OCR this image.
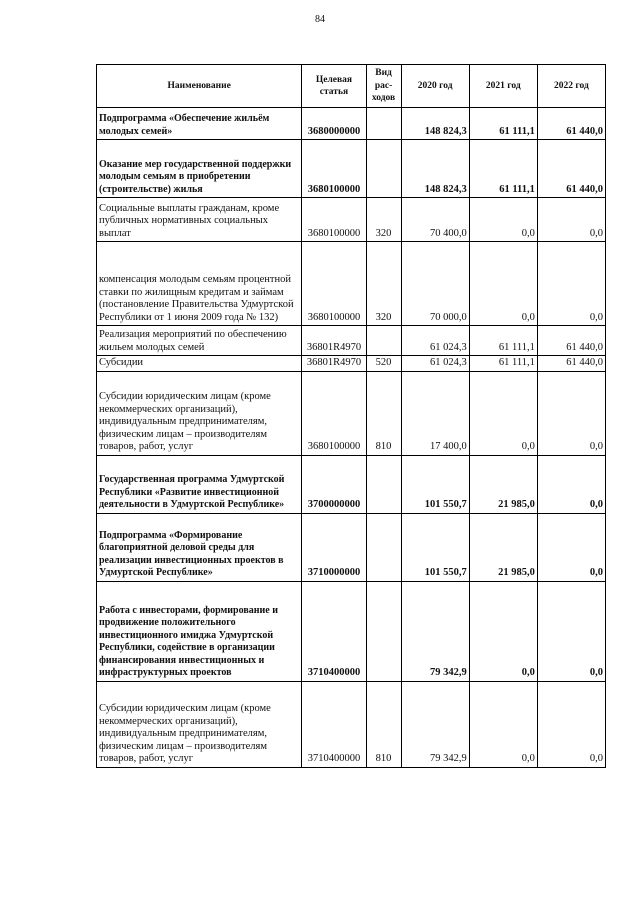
84
Наименование	Целевая статья	Вид рас-ходов	2020 год	2021 год	2022 год
Подпрограмма «Обеспечение жильём молодых семей»	3680000000		148 824,3	61 111,1	61 440,0
Оказание мер государственной поддержки молодым семьям в приобретении (строительстве) жилья	3680100000		148 824,3	61 111,1	61 440,0
Социальные выплаты гражданам, кроме публичных нормативных социальных выплат	3680100000	320	70 400,0	0,0	0,0
компенсация молодым семьям процентной ставки по жилищным кредитам и займам (постановление Правительства Удмуртской Республики от 1 июня 2009 года № 132)	3680100000	320	70 000,0	0,0	0,0
Реализация мероприятий по обеспечению жильем молодых семей	36801R4970		61 024,3	61 111,1	61 440,0
Субсидии	36801R4970	520	61 024,3	61 111,1	61 440,0
Субсидии юридическим лицам (кроме некоммерческих организаций), индивидуальным предпринимателям, физическим лицам – производителям товаров, работ, услуг	3680100000	810	17 400,0	0,0	0,0
Государственная программа Удмуртской Республики «Развитие инвестиционной деятельности в Удмуртской Республике»	3700000000		101 550,7	21 985,0	0,0
Подпрограмма «Формирование благоприятной деловой среды для реализации инвестиционных проектов в Удмуртской Республике»	3710000000		101 550,7	21 985,0	0,0
Работа с инвесторами, формирование и продвижение положительного инвестиционного имиджа Удмуртской Республики, содействие в организации финансирования инвестиционных и инфраструктурных проектов	3710400000		79 342,9	0,0	0,0
Субсидии юридическим лицам (кроме некоммерческих организаций), индивидуальным предпринимателям, физическим лицам – производителям товаров, работ, услуг	3710400000	810	79 342,9	0,0	0,0
